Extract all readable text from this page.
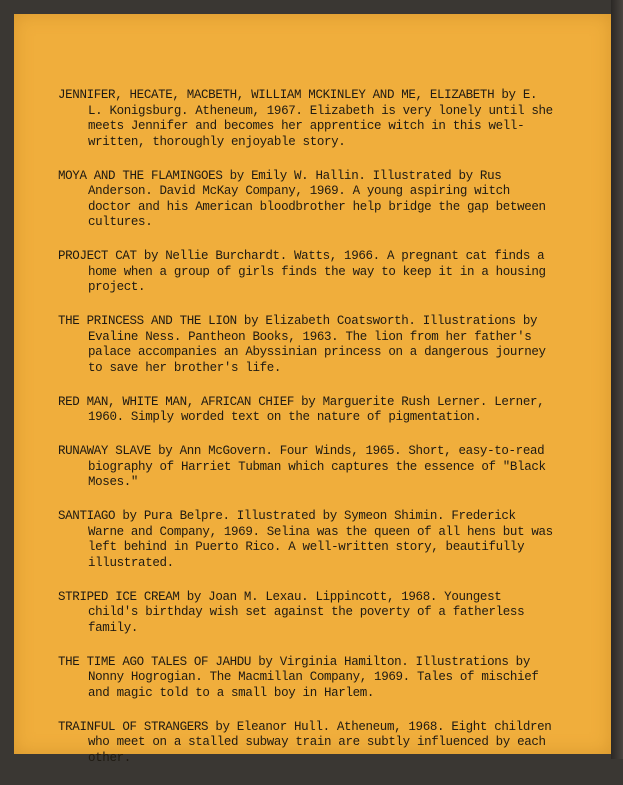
JENNIFER, HECATE, MACBETH, WILLIAM MCKINLEY AND ME, ELIZABETH by E. L. Konigsburg. Atheneum, 1967. Elizabeth is very lonely until she meets Jennifer and becomes her apprentice witch in this well-written, thoroughly enjoyable story.
MOYA AND THE FLAMINGOES by Emily W. Hallin. Illustrated by Rus Anderson. David McKay Company, 1969. A young aspiring witch doctor and his American bloodbrother help bridge the gap between cultures.
PROJECT CAT by Nellie Burchardt. Watts, 1966. A pregnant cat finds a home when a group of girls finds the way to keep it in a housing project.
THE PRINCESS AND THE LION by Elizabeth Coatsworth. Illustrations by Evaline Ness. Pantheon Books, 1963. The lion from her father's palace accompanies an Abyssinian princess on a dangerous journey to save her brother's life.
RED MAN, WHITE MAN, AFRICAN CHIEF by Marguerite Rush Lerner. Lerner, 1960. Simply worded text on the nature of pigmentation.
RUNAWAY SLAVE by Ann McGovern. Four Winds, 1965. Short, easy-to-read biography of Harriet Tubman which captures the essence of "Black Moses."
SANTIAGO by Pura Belpre. Illustrated by Symeon Shimin. Frederick Warne and Company, 1969. Selina was the queen of all hens but was left behind in Puerto Rico. A well-written story, beautifully illustrated.
STRIPED ICE CREAM by Joan M. Lexau. Lippincott, 1968. Youngest child's birthday wish set against the poverty of a fatherless family.
THE TIME AGO TALES OF JAHDU by Virginia Hamilton. Illustrations by Nonny Hogrogian. The Macmillan Company, 1969. Tales of mischief and magic told to a small boy in Harlem.
TRAINFUL OF STRANGERS by Eleanor Hull. Atheneum, 1968. Eight children who meet on a stalled subway train are subtly influenced by each other.
